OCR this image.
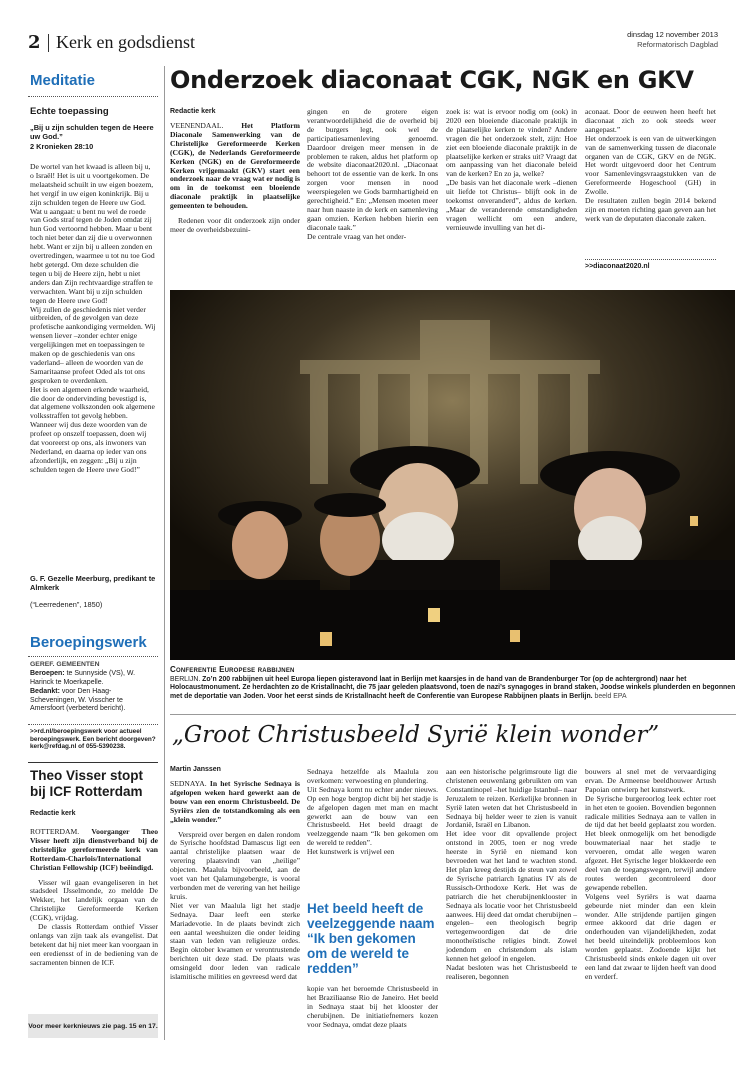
2 Kerk en godsdienst	dinsdag 12 november 2013
Reformatorisch Dagblad
Meditatie
Echte toepassing
„Bij u zijn schulden tegen de Heere uw God.”
2 Kronieken 28:10

De wortel van het kwaad is alleen bij u, o Israël! Het is uit u voortgekomen. De melaatsheid schuilt in uw eigen boezem, het vergif in uw eigen koninkrijk. Bij u zijn schulden tegen de Heere uw God. Wat u aangaat: u bent nu wel de roede van Gods straf tegen de Joden omdat zij hun God vertoornd hebben. Maar u bent toch niet beter dan zij die u overwonnen hebt. Want er zijn bij u alleen zonden en overtredingen, waarmee u tot nu toe God hebt getergd. Om deze schulden die tegen u bij de Heere zijn, hebt u niet anders dan Zijn rechtvaardige straffen te verwachten. Want bij u zijn schulden tegen de Heere uwe God!

Wij zullen de geschiedenis niet verder uitbreiden, of de gevolgen van deze profetische aankondiging vermelden. Wij wensen liever –zonder echter enige vergelijkingen met en toepassingen te maken op de geschiedenis van ons vaderland– alleen de woorden van de Samaritaanse profeet Oded als tot ons gesproken te overdenken.

Het is een algemeen erkende waarheid, die door de ondervinding bevestigd is, dat algemene volkszonden ook algemene volksstraffen tot gevolg hebben. Wanneer wij dus deze woorden van de profeet op onszelf toepassen, doen wij dat vooreerst op ons, als inwoners van Nederland, en daarna op ieder van ons afzonderlijk, en zeggen: „Bij u zijn schulden tegen de Heere uwe God!”

G. F. Gezelle Meerburg, predikant te Almkerk
(“Leerredenen”, 1850)
Beroepingswerk
GEREF. GEMEENTEN
Beroepen: te Sunnyside (VS), W. Harinck te Moerkapelle.
Bedankt: voor Den Haag-Scheveningen, W. Visscher te Amersfoort (verbeterd bericht).
>>rd.nl/beroepingswerk voor actueel beroepingswerk. Een bericht doorgeven? kerk@refdag.nl of 055-5390238.
Theo Visser stopt bij ICF Rotterdam
Redactie kerk

ROTTERDAM. Voorganger Theo Visser heeft zijn dienstverband bij de christelijke gereformeerde kerk van Rotterdam-Charlois/International Christian Fellowship (ICF) beëindigd.

Visser wil gaan evangeliseren in het stadsdeel IJsselmonde, zo meldde De Wekker, het landelijk orgaan van de Christelijke Gereformeerde Kerken (CGK), vrijdag.

De classis Rotterdam onthief Visser onlangs van zijn taak als evangelist. Dat betekent dat hij niet meer kan voorgaan in een erediensst of in de bediening van de sacramenten binnen de ICF.

Voor meer kerknieuws zie pag. 15 en 17.
Onderzoek diaconaat CGK, NGK en GKV
Redactie kerk

VEENENDAAL. Het Platform Diaconale Samenwerking van de Christelijke Gereformeerde Kerken (CGK), de Nederlands Gereformeerde Kerken (NGK) en de Gereformeerde Kerken vrijgemaakt (GKV) start een onderzoek naar de vraag wat er nodig is om in de toekomst een bloeiende diaconale praktijk in plaatselijke gemeenten te behouden.

Redenen voor dit onderzoek zijn onder meer de overheidsbezuini-

gingen en de grotere eigen verantwoordelijkheid die de overheid bij de burgers legt, ook wel de participatiesamenleving genoemd. Daardoor dreigen meer mensen in de problemen te raken, aldus het platform op de website diaconaat2020.nl. „Diaconaat behoort tot de essentie van de kerk. In ons zorgen voor mensen in nood weerspiegelen we Gods barmhartigheid en gerechtigheid.” En: „Mensen moeten meer naar hun naaste in de kerk en samenleving gaan omzien. Kerken hebben hierin een diaconale taak.”
De centrale vraag van het onder-
zoek is: wat is ervoor nodig om (ook) in 2020 een bloeiende diaconale praktijk in de plaatselijke kerken te vinden? Andere vragen die het onderzoek stelt, zijn: Hoe ziet een bloeiende diaconale praktijk in de plaatselijke kerken er straks uit? Vraagt dat om aanpassing van het diaconale beleid van de kerken? En zo ja, welke?
„De basis van het diaconale werk –dienen uit liefde tot Christus– blijft ook in de toekomst onveranderd”, aldus de kerken. „Maar de veranderende omstandigheden vragen wellicht om een andere, vernieuwde invulling van het di-
aconaat. Door de eeuwen heen heeft het diaconaat zich zo ook steeds weer aangepast.”
Het onderzoek is een van de uitwerkingen van de samenwerking tussen de diaconale organen van de CGK, GKV en de NGK. Het wordt uitgevoerd door het Centrum voor Samenlevingsvraagstukken van de Gereformeerde Hogeschool (GH) in Zwolle.
De resultaten zullen begin 2014 bekend zijn en moeten richting gaan geven aan het werk van de deputaten diaconale zaken.
>>diaconaat2020.nl
Conferentie Europese rabbijnen
BERLIJN. Zo’n 200 rabbijnen uit heel Europa liepen gisteravond laat in Berlijn met kaarsjes in de hand van de Brandenburger Tor (op de achtergrond) naar het Holocaustmonument. Ze herdachten zo de Kristallnacht, die 75 jaar geleden plaatsvond, toen de nazi’s synagoges in brand staken, Joodse winkels plunderden en begonnen met de deportatie van Joden. Voor het eerst sinds de Kristallnacht heeft de Conferentie van Europese Rabbijnen plaats in Berlijn. beeld EPA
„Groot Christusbeeld Syrië klein wonder”
Martin Janssen

SEDNAYA. In het Syrische Sednaya is afgelopen weken hard gewerkt aan de bouw van een enorm Christusbeeld. De Syriërs zien de totstandkoming als een „klein wonder.”

Verspreid over bergen en dalen rondom de Syrische hoofdstad Damascus ligt een aantal christelijke plaatsen waar de verering plaatsvindt van „heilige” objecten. Maalula bijvoorbeeld, aan de voet van het Qalamungebergte, is vooral verbonden met de verering van het heilige kruis.
Niet ver van Maalula ligt het stadje Sednaya. Daar leeft een sterke Mariadevotie. In de plaats bevindt zich een aantal weeshuizen die onder leiding staan van leden van religieuze ordes. Begin oktober kwamen er verontrustende berichten uit deze stad. De plaats was omsingeld door leden van radicale islamitische milities en gevreesd werd dat

Sednaya hetzelfde als Maalula zou overkomen: verwoesting en plundering.
Uit Sednaya komt nu echter ander nieuws. Op een hoge bergtop dicht bij het stadje is de afgelopen dagen met man en macht gewerkt aan de bouw van een Christusbeeld. Het beeld draagt de veelzeggende naam “Ik ben gekomen om de wereld te redden”.
Het kunstwerk is vrijwel een
Het beeld heeft de veelzeggende naam “Ik ben gekomen om de wereld te redden”
kopie van het beroemde Christusbeeld in het Braziliaanse Rio de Janeiro. Het beeld in Sednaya staat bij het klooster der cherubijnen. De initiatiefnemers kozen voor Sednaya, omdat deze plaats
aan een historische pelgrimsroute ligt die christenen eeuwenlang gebruikten om van Constantinopel –het huidige Istanbul– naar Jeruzalem te reizen. Kerkelijke bronnen in Syrië laten weten dat het Christusbeeld in Sednaya bij helder weer te zien is vanuit Jordanië, Israël en Libanon.
Het idee voor dit opvallende project ontstond in 2005, toen er nog vrede heerste in Syrië en niemand kon bevroeden wat het land te wachten stond. Het plan kreeg destijds de steun van zowel de Syrische patriarch Ignatius IV als de Russisch-Orthodoxe Kerk. Het was de patriarch die het cherubijnenklooster in Sednaya als locatie voor het Christusbeeld aanwees. Hij deed dat omdat cherubijnen –engelen– een theologisch begrip vertegenwoordigen dat de drie monotheïstische religies bindt. Zowel jodendom en christendom als islam kennen het geloof in engelen.
Nadat besloten was het Christusbeeld te realiseren, begonnen
bouwers al snel met de vervaardiging ervan. De Armeense beeldhouwer Artush Papoian ontwierp het kunstwerk.
De Syrische burgeroorlog leek echter roet in het eten te gooien. Bovendien begonnen radicale milities Sednaya aan te vallen in de tijd dat het beeld geplaatst zou worden. Het bleek onmogelijk om het benodigde bouwmateriaal naar het stadje te vervoeren, omdat alle wegen waren afgezet. Het Syrische leger blokkeerde een deel van de toegangswegen, terwijl andere routes werden gecontroleerd door gewapende rebellen.
Volgens veel Syriërs is wat daarna gebeurde niet minder dan een klein wonder. Alle strijdende partijen gingen ermee akkoord dat drie dagen er onderhouden van vijandelijkheden, zodat het beeld uiteindelijk probleemloos kon worden geplaatst. Zodoende kijkt het Christusbeeld sinds enkele dagen uit over een land dat zwaar te lijden heeft van dood en verderf.
